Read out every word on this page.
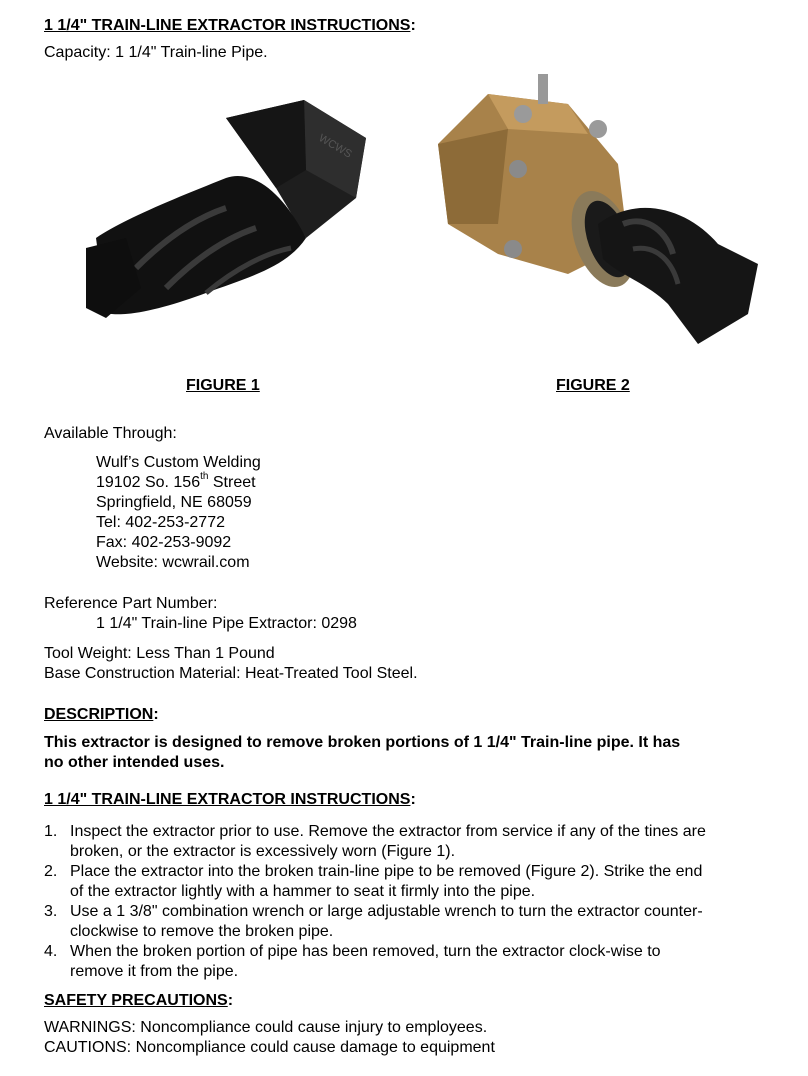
1 1/4" TRAIN-LINE EXTRACTOR INSTRUCTIONS:
Capacity: 1 1/4" Train-line Pipe.
WCWS
FIGURE 1	FIGURE 2
Available Through:
Wulf’s Custom Welding
19102 So. 156th Street
Springfield, NE 68059
Tel: 402-253-2772
Fax: 402-253-9092
Website: wcwrail.com
Reference Part Number:
1 1/4" Train-line Pipe Extractor: 0298
Tool Weight: Less Than 1 Pound
Base Construction Material: Heat-Treated Tool Steel.
DESCRIPTION:
This extractor is designed to remove broken portions of 1 1/4" Train-line pipe. It has
no other intended uses.
1 1/4" TRAIN-LINE EXTRACTOR INSTRUCTIONS:
1. Inspect the extractor prior to use. Remove the extractor from service if any of the tines are
broken, or the extractor is excessively worn (Figure 1).
2. Place the extractor into the broken train-line pipe to be removed (Figure 2). Strike the end
of the extractor lightly with a hammer to seat it firmly into the pipe.
3. Use a 1 3/8" combination wrench or large adjustable wrench to turn the extractor counter-
clockwise to remove the broken pipe.
4. When the broken portion of pipe has been removed, turn the extractor clock-wise to
remove it from the pipe.
SAFETY PRECAUTIONS:
WARNINGS: Noncompliance could cause injury to employees.
CAUTIONS: Noncompliance could cause damage to equipment
